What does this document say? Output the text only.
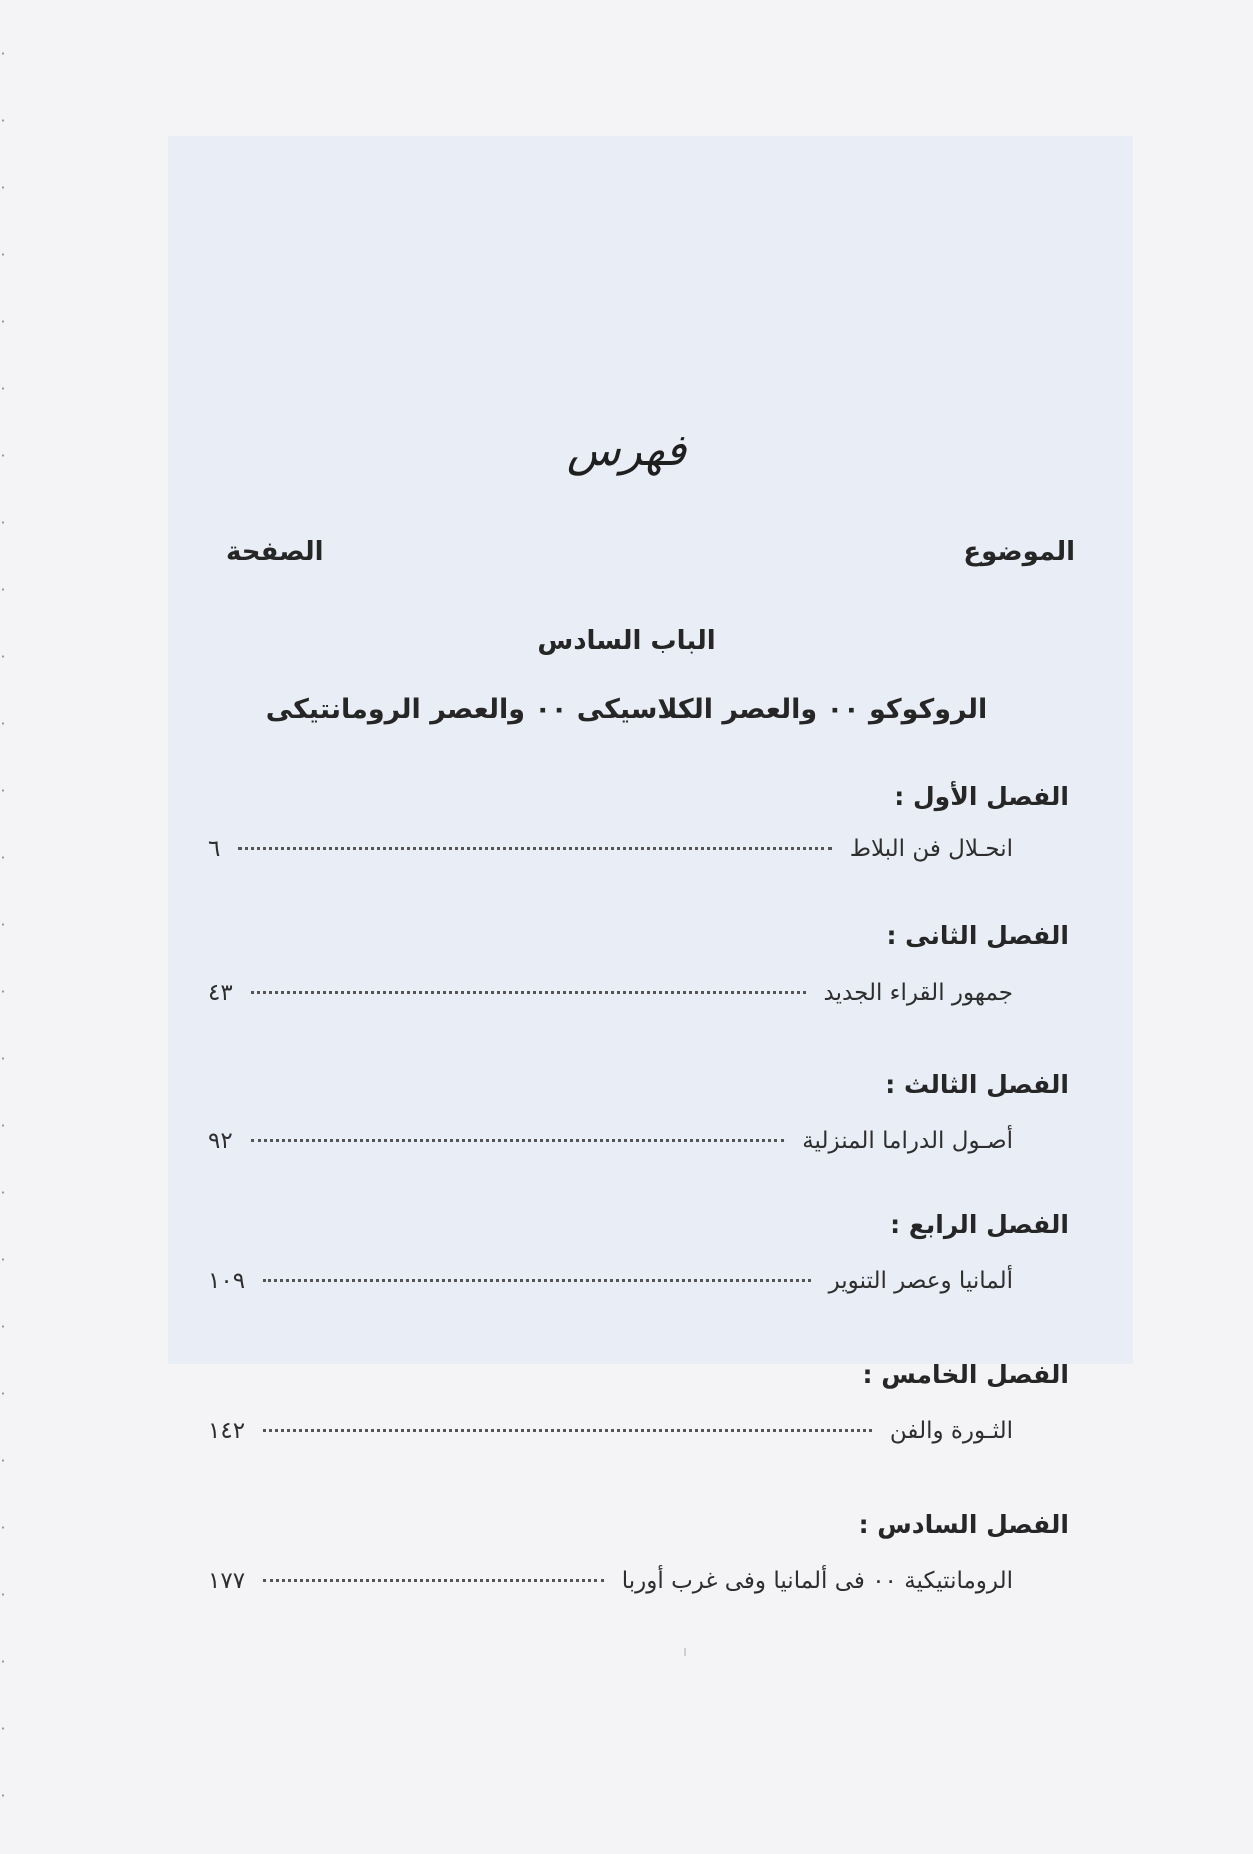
فهرس
الموضوع
الصفحة
الباب السادس
الروكوكو ٠٠ والعصر الكلاسيكى ٠٠ والعصر الرومانتيكى
الفصل الأول :
انحـلال فن البلاط
٦
الفصل الثانى :
جمهور القراء الجديد
٤٣
الفصل الثالث :
أصـول الدراما المنزلية
٩٢
الفصل الرابع :
ألمانيا وعصر التنوير
١٠٩
الفصل الخامس :
الثـورة والفن
١٤٢
الفصل السادس :
الرومانتيكية ٠٠ فى ألمانيا وفى غرب أوربا
١٧٧
